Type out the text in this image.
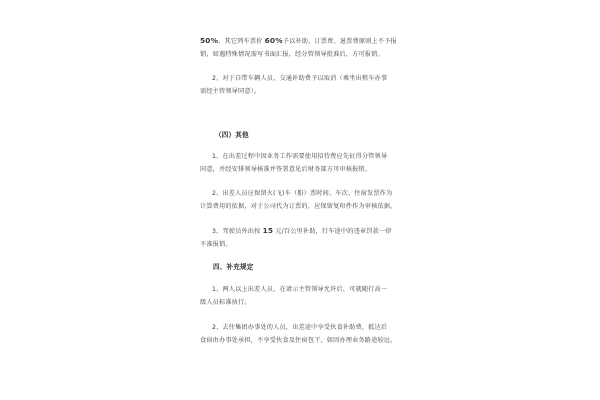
50%，其它列车票价 60%予以补助，订票费、退票费原则上不予报
销，如遇特殊情况需写书面汇报，经分管领导批准后，方可报销。
2、对于自带车辆人员，交通补助费予以取消（乘坐出租车办事
需经主管领导同意）。
（四）其他
1、在出差过程中因业务工作需要使用招待费应先征得分管领导
同意，并经安排领导核准并签署意见后财务部方可审核报销。
2、出差人员应保留火(飞)车（船）票时间、车次、住宿发票作为
计算费用的依据，对于公司代为订票的，应保留复印件作为审核依据。
3、驾驶员外出按 15 元/百公里补助，行车途中的违章罚款一律
不准报销。
四、补充规定
1、两人以上出差人员，在请示主管领导允许后，可就随行高一
级人员标准执行。
2、去往集团办事处的人员，出差途中享受伙食补助费，抵达后
食宿由办事处承担，不享受伙食及住宿包干，如因办理业务路途较远，
